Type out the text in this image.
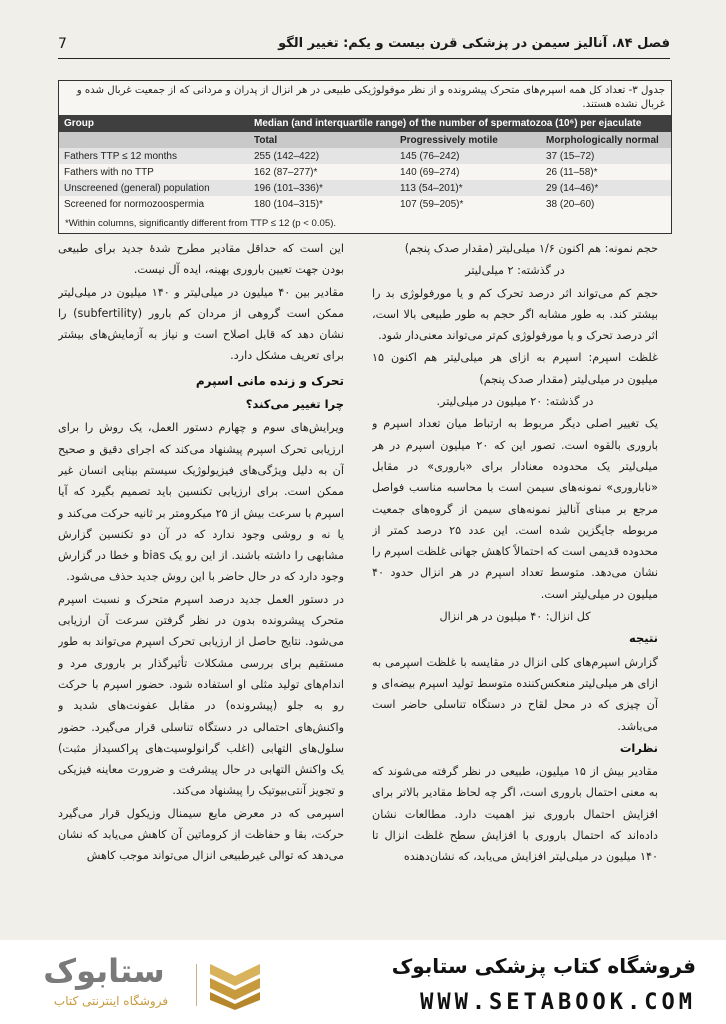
فصل ۸۴. آنالیز سیمن در پزشکی قرن بیست و یکم: تغییر الگو
7
جدول ۳- تعداد کل همه اسپرم‌های متحرک پیشرونده و از نظر موفولوژیکی طبیعی در هر انزال از پدران و مردانی که از جمعیت غربال شده و غربال نشده هستند.
Group	Median (and interquartile range) of the number of spermatozoa (10⁶) per ejaculate		
	Total	Progressively motile	Morphologically normal
Fathers TTP ≤ 12 months	255 (142–422)	145 (76–242)	37 (15–72)
Fathers with no TTP	162 (87–277)*	140 (69–274)	26 (11–58)*
Unscreened (general) population	196 (101–336)*	113 (54–201)*	29 (14–46)*
Screened for normozoospermia	180 (104–315)*	107 (59–205)*	38 (20–60)
*Within columns, significantly different from TTP ≤ 12 (p < 0.05).

حجم نمونه: هم اکنون ۱/۶ میلی‌لیتر (مقدار صدک پنجم)

در گذشته: ۲ میلی‌لیتر

حجم کم می‌تواند اثر درصد تحرک کم و یا مورفولوژی بد را بیشتر کند. به طور مشابه اگر حجم به طور طبیعی بالا است، اثر درصد تحرک و یا مورفولوژی کم‌تر می‌تواند معنی‌دار شود.

غلظت اسپرم: اسپرم به ازای هر میلی‌لیتر هم اکنون ۱۵ میلیون در میلی‌لیتر (مقدار صدک پنجم)

در گذشته: ۲۰ میلیون در میلی‌لیتر.

یک تغییر اصلی دیگر مربوط به ارتباط میان تعداد اسپرم و باروری بالقوه است. تصور این که ۲۰ میلیون اسپرم در هر میلی‌لیتر یک محدوده معنادار برای «باروری» در مقابل «ناباروری» نمونه‌های سیمن است با محاسبه مناسب فواصل مرجع بر مبنای آنالیز نمونه‌های سیمن از گروه‌های جمعیت مربوطه جایگزین شده است. این عدد ۲۵ درصد کمتر از محدوده قدیمی است که احتمالاً کاهش جهانی غلظت اسپرم را نشان می‌دهد. متوسط تعداد اسپرم در هر انزال حدود ۴۰ میلیون در میلی‌لیتر است.

کل انزال: ۴۰ میلیون در هر انزال

نتیجه

گزارش اسپرم‌های کلی انزال در مقایسه با غلظت اسپرمی به ازای هر میلی‌لیتر منعکس‌کننده متوسط تولید اسپرم بیضه‌ای و آن چیزی که در محل لقاح در دستگاه تناسلی حاضر است می‌باشد.

نظرات

مقادیر بیش از ۱۵ میلیون، طبیعی در نظر گرفته می‌شوند که به معنی احتمال باروری است، اگر چه لحاظ مقادیر بالاتر برای افزایش احتمال باروری نیز اهمیت دارد. مطالعات نشان داده‌اند که احتمال باروری با افزایش سطح غلظت انزال تا ۱۴۰ میلیون در میلی‌لیتر افزایش می‌یابد، که نشان‌دهنده

این است که حداقل مقادیر مطرح شدهٔ جدید برای طبیعی بودن جهت تعیین باروری بهینه، ایده آل نیست.

مقادیر بین ۴۰ میلیون در میلی‌لیتر و ۱۴۰ میلیون در میلی‌لیتر ممکن است گروهی از مردان کم بارور (subfertility) را نشان دهد که قابل اصلاح است و نیاز به آزمایش‌های بیشتر برای تعریف مشکل دارد.

تحرک و زنده مانی اسپرم
چرا تغییر می‌کند؟

ویرایش‌های سوم و چهارم دستور العمل، یک روش را برای ارزیابی تحرک اسپرم پیشنهاد می‌کند که اجرای دقیق و صحیح آن به دلیل ویژگی‌های فیزیولوژیک سیستم بینایی انسان غیر ممکن است. برای ارزیابی تکنسین باید تصمیم بگیرد که آیا اسپرم با سرعت بیش از ۲۵ میکرومتر بر ثانیه حرکت می‌کند و یا نه و روشی وجود ندارد که در آن دو تکنسین گزارش مشابهی را داشته باشند. از این رو یک bias و خطا در گزارش وجود دارد که در حال حاضر با این روش جدید حذف می‌شود.

در دستور العمل جدید درصد اسپرم متحرک و نسبت اسپرم متحرک پیشرونده بدون در نظر گرفتن سرعت آن ارزیابی می‌شود. نتایج حاصل از ارزیابی تحرک اسپرم می‌تواند به طور مستقیم برای بررسی مشکلات تأثیرگذار بر باروری مرد و اندام‌های تولید مثلی او استفاده شود. حضور اسپرم با حرکت رو به جلو (پیشرونده) در مقابل عفونت‌های شدید و واکنش‌های احتمالی در دستگاه تناسلی قرار می‌گیرد. حضور سلول‌های التهابی (اغلب گرانولوسیت‌های پراکسیداز مثبت) یک واکنش التهابی در حال پیشرفت و ضرورت معاینه فیزیکی و تجویز آنتی‌بیوتیک را پیشنهاد می‌کند.

اسپرمی که در معرض مایع سیمنال وزیکول قرار می‌گیرد حرکت، بقا و حفاظت از کروماتین آن کاهش می‌یابد که نشان می‌دهد که توالی غیرطبیعی انزال می‌تواند موجب کاهش

فروشگاه کتاب پزشکی ستابوک
WWW.SETABOOK.COM
ستابوک
فروشگاه اینترنتی کتاب
